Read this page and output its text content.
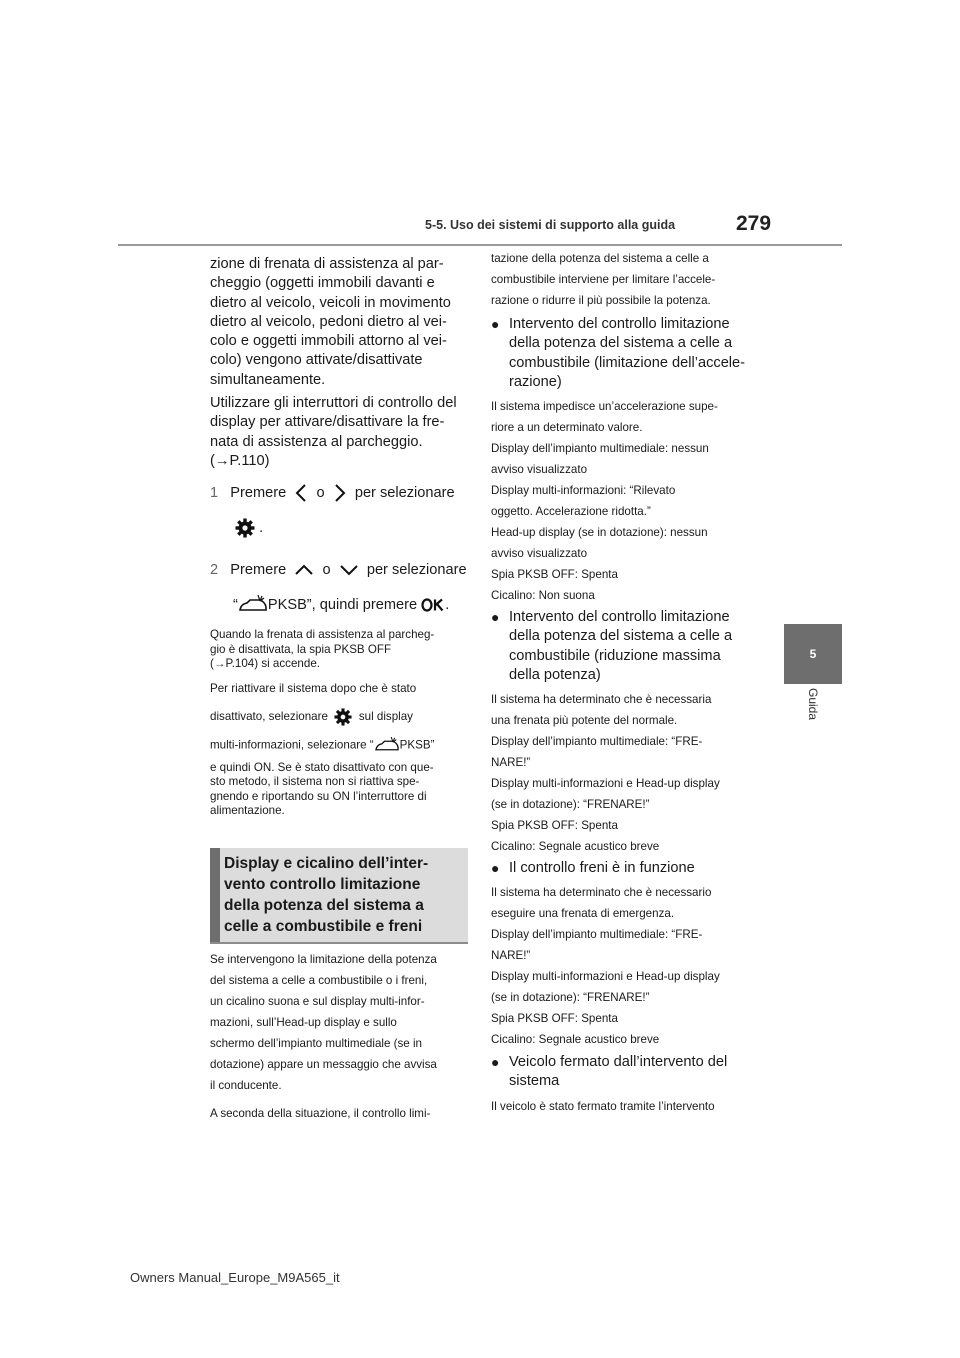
5-5. Uso dei sistemi di supporto alla guida	279
5
Guida
zione di frenata di assistenza al par-
cheggio (oggetti immobili davanti e
dietro al veicolo, veicoli in movimento
dietro al veicolo, pedoni dietro al vei-
colo e oggetti immobili attorno al vei-
colo) vengono attivate/disattivate
simultaneamente.
Utilizzare gli interruttori di controllo del
display per attivare/disattivare la fre-
nata di assistenza al parcheggio.
(→P.110)
1 Premere o per selezionare
.
2 Premere o per selezionare
“ PKSB”, quindi premere .
Quando la frenata di assistenza al parcheg-
gio è disattivata, la spia PKSB OFF
(→P.104) si accende.
Per riattivare il sistema dopo che è stato
disattivato, selezionare	sul display
multi-informazioni, selezionare “ PKSB”
e quindi ON. Se è stato disattivato con que-
sto metodo, il sistema non si riattiva spe-
gnendo e riportando su ON l’interruttore di
alimentazione.
Display e cicalino dell’inter-
vento controllo limitazione
della potenza del sistema a
celle a combustibile e freni
Se intervengono la limitazione della potenza
del sistema a celle a combustibile o i freni,
un cicalino suona e sul display multi-infor-
mazioni, sull’Head-up display e sullo
schermo dell’impianto multimediale (se in
dotazione) appare un messaggio che avvisa
il conducente.
A seconda della situazione, il controllo limi-
tazione della potenza del sistema a celle a
combustibile interviene per limitare l’accele-
razione o ridurre il più possibile la potenza.
● Intervento del controllo limitazione
della potenza del sistema a celle a
combustibile (limitazione dell’accele-
razione)
Il sistema impedisce un’accelerazione supe-
riore a un determinato valore.
Display dell’impianto multimediale: nessun
avviso visualizzato
Display multi-informazioni: “Rilevato
oggetto. Accelerazione ridotta.”
Head-up display (se in dotazione): nessun
avviso visualizzato
Spia PKSB OFF: Spenta
Cicalino: Non suona
● Intervento del controllo limitazione
della potenza del sistema a celle a
combustibile (riduzione massima
della potenza)
Il sistema ha determinato che è necessaria
una frenata più potente del normale.
Display dell’impianto multimediale: “FRE-
NARE!”
Display multi-informazioni e Head-up display
(se in dotazione): “FRENARE!”
Spia PKSB OFF: Spenta
Cicalino: Segnale acustico breve
● Il controllo freni è in funzione
Il sistema ha determinato che è necessario
eseguire una frenata di emergenza.
Display dell’impianto multimediale: “FRE-
NARE!”
Display multi-informazioni e Head-up display
(se in dotazione): “FRENARE!”
Spia PKSB OFF: Spenta
Cicalino: Segnale acustico breve
● Veicolo fermato dall’intervento del
sistema
Il veicolo è stato fermato tramite l’intervento
Owners Manual_Europe_M9A565_it
